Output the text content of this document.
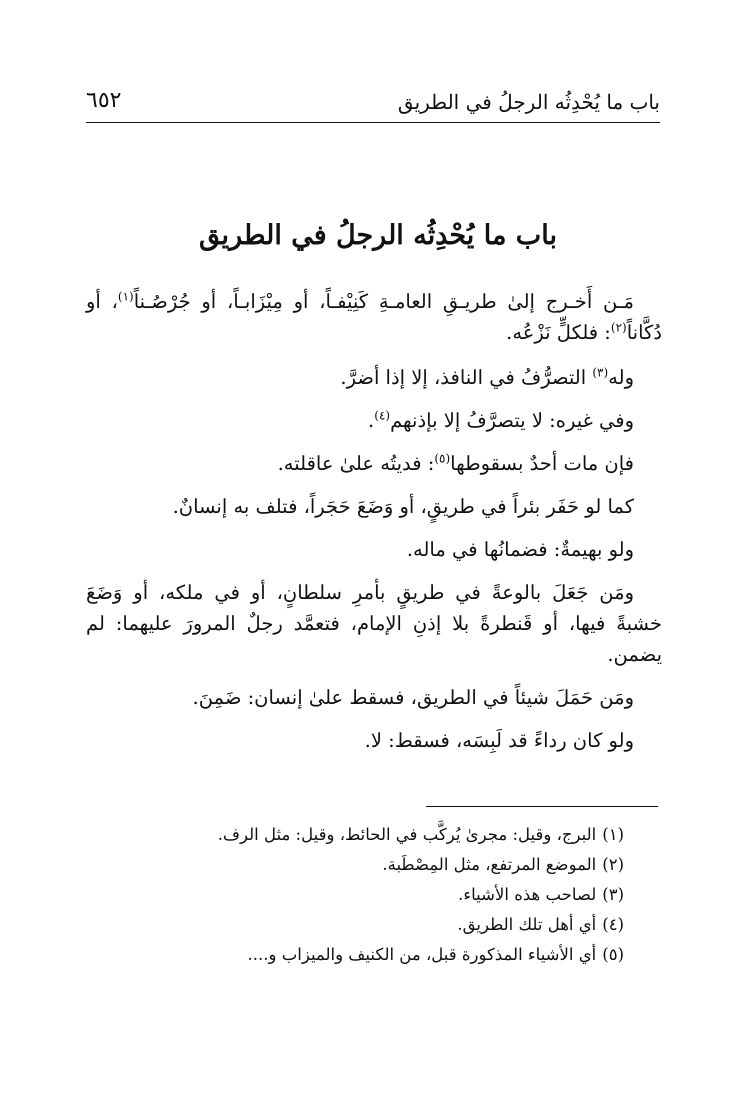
باب ما يُحْدِثُه الرجلُ في الطريق
٦٥٢
باب ما يُحْدِثُه الرجلُ في الطريق

مَـن أَخـرج إلىٰ طريـقِ العامـةِ كَنِيْفـاً، أو مِيْزَابـاً، أو جُرْصُـناً$^{(١)}$، أو دُكَّاناً$^{(٢)}$: فلكلٍّ نَزْعُه.

وله$^{(٣)}$ التصرُّفُ في النافذ، إلا إذا أضرَّ.

وفي غيره: لا يتصرَّفُ إلا بإذنهم$^{(٤)}$.

فإن مات أحدٌ بسقوطها$^{(٥)}$: فديتُه علىٰ عاقلته.

كما لو حَفَر بئراً في طريقٍ، أو وَضَعَ حَجَراً، فتلف به إنسانٌ.

ولو بهيمةٌ: فضمانُها في ماله.

ومَن جَعَلَ بالوعةً في طريقٍ بأمرِ سلطانٍ، أو في ملكه، أو وَضَعَ خشبةً فيها، أو قَنطرةً بلا إذنِ الإمام، فتعمَّد رجلٌ المرورَ عليهما: لم يضمن.

ومَن حَمَلَ شيئاً في الطريق، فسقط علىٰ إنسان: ضَمِنَ.

ولو كان رداءً قد لَبِسَه، فسقط: لا.

(١)البرج، وقيل: مجرىٰ يُركَّب في الحائط، وقيل: مثل الرف.
(٢)الموضع المرتفع، مثل المِصْطَبة.
(٣)لصاحب هذه الأشياء.
(٤)أي أهل تلك الطريق.
(٥)أي الأشياء المذكورة قبل، من الكنيف والميزاب و....
